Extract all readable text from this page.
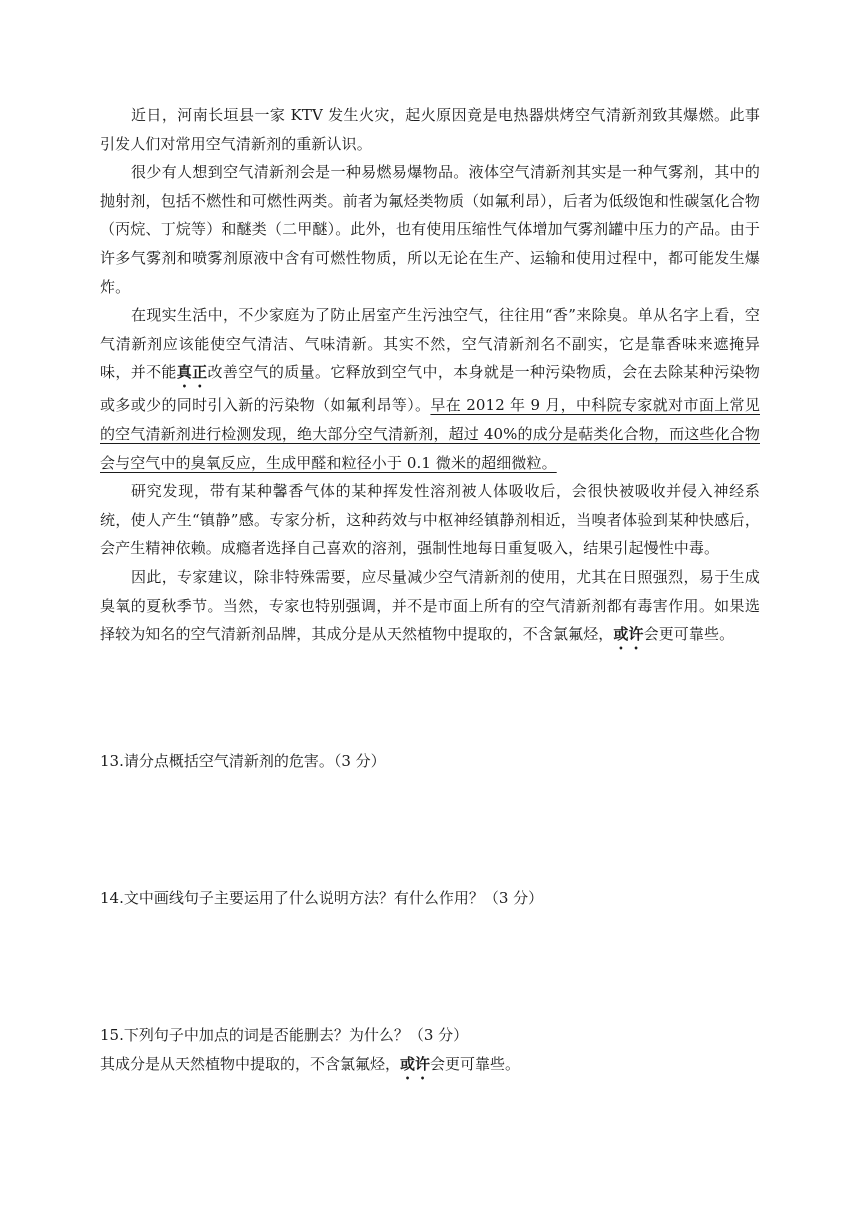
近日，河南长垣县一家 KTV 发生火灾，起火原因竟是电热器烘烤空气清新剂致其爆燃。此事引发人们对常用空气清新剂的重新认识。

很少有人想到空气清新剂会是一种易燃易爆物品。液体空气清新剂其实是一种气雾剂，其中的抛射剂，包括不燃性和可燃性两类。前者为氟烃类物质（如氟利昂），后者为低级饱和性碳氢化合物（丙烷、丁烷等）和醚类（二甲醚）。此外，也有使用压缩性气体增加气雾剂罐中压力的产品。由于许多气雾剂和喷雾剂原液中含有可燃性物质，所以无论在生产、运输和使用过程中，都可能发生爆炸。

在现实生活中，不少家庭为了防止居室产生污浊空气，往往用“香”来除臭。单从名字上看，空气清新剂应该能使空气清洁、气味清新。其实不然，空气清新剂名不副实，它是靠香味来遮掩异味，并不能真正改善空气的质量。它释放到空气中，本身就是一种污染物质，会在去除某种污染物或多或少的同时引入新的污染物（如氟利昂等）。早在 2012 年 9 月，中科院专家就对市面上常见的空气清新剂进行检测发现，绝大部分空气清新剂，超过 40%的成分是萜类化合物，而这些化合物会与空气中的臭氧反应，生成甲醛和粒径小于 0.1 微米的超细微粒。

研究发现，带有某种馨香气体的某种挥发性溶剂被人体吸收后，会很快被吸收并侵入神经系统，使人产生“镇静”感。专家分析，这种药效与中枢神经镇静剂相近，当嗅者体验到某种快感后，会产生精神依赖。成瘾者选择自己喜欢的溶剂，强制性地每日重复吸入，结果引起慢性中毒。

因此，专家建议，除非特殊需要，应尽量减少空气清新剂的使用，尤其在日照强烈，易于生成臭氧的夏秋季节。当然，专家也特别强调，并不是市面上所有的空气清新剂都有毒害作用。如果选择较为知名的空气清新剂品牌，其成分是从天然植物中提取的，不含氯氟烃，或许会更可靠些。

13.请分点概括空气清新剂的危害。（3 分）

14.文中画线句子主要运用了什么说明方法？有什么作用？（3 分）

15.下列句子中加点的词是否能删去？为什么？（3 分）

其成分是从天然植物中提取的，不含氯氟烃，或许会更可靠些。
